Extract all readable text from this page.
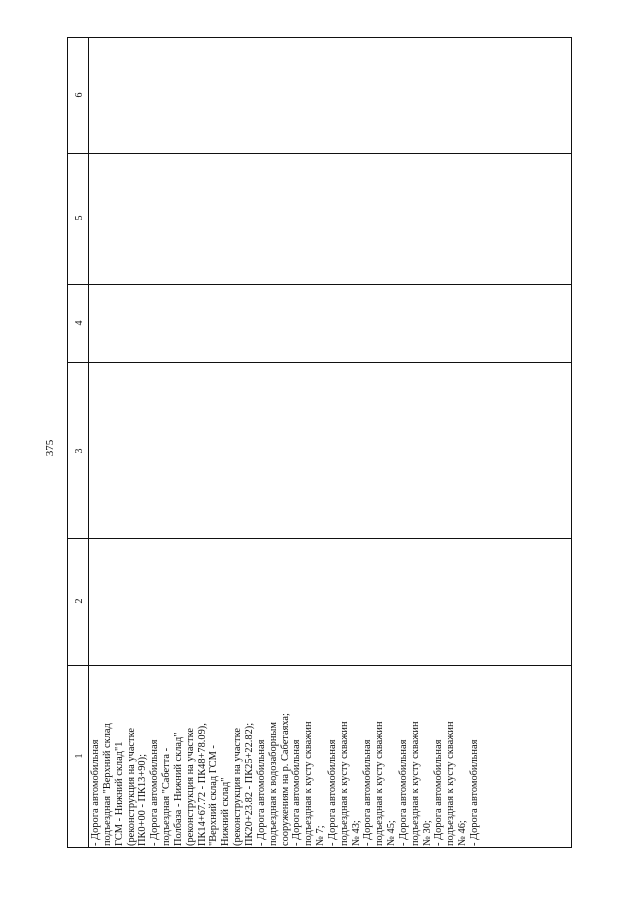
375
6
5
4
3
2
1 - Дорога автомобильная подъездная "Верхний склад ГСМ - Нижний склад"1 (реконструкция на участке ПК0+00 - ПК13+90); - Дорога автомобильная подъездная "Сабетта - Полбаза - Нижний склад" (реконструкция на участке ПК14+67.72 - ПК48+78.09), "Верхний склад ГСМ - Нижний склад" (реконструкция на участке ПК20+23.82 - ПК25+22.82); - Дорога автомобильная подъездная к водозаборным сооружениям на р. Сабетаяха; - Дорога автомобильная подъездная к кусту скважин № 7; - Дорога автомобильная подъездная к кусту скважин № 43; - Дорога автомобильная подъездная к кусту скважин № 45; - Дорога автомобильная подъездная к кусту скважин № 30; - Дорога автомобильная подъездная к кусту скважин № 46; - Дорога автомобильная
